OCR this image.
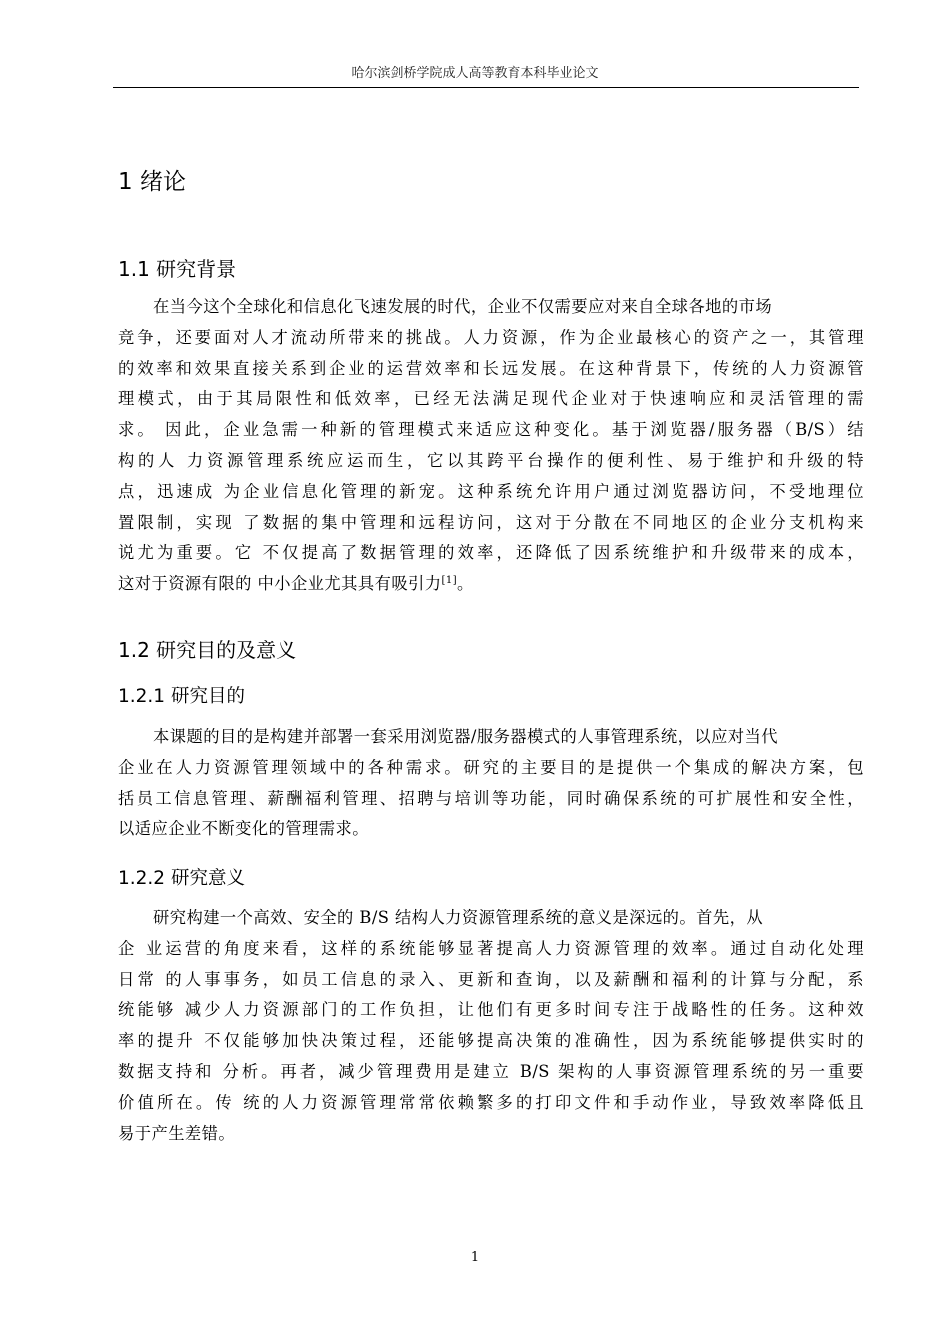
哈尔滨剑桥学院成人高等教育本科毕业论文
1 绪论
1.1 研究背景
在当今这个全球化和信息化飞速发展的时代，企业不仅需要应对来自全球各地的市场
竞争，还要面对人才流动所带来的挑战。人力资源，作为企业最核心的资产之一，其管理
的效率和效果直接关系到企业的运营效率和长远发展。在这种背景下，传统的人力资源管
理模式，由于其局限性和低效率，已经无法满足现代企业对于快速响应和灵活管理的需
求。 因此，企业急需一种新的管理模式来适应这种变化。基于浏览器/服务器（B/S）结
构的人 力资源管理系统应运而生，它以其跨平台操作的便利性、易于维护和升级的特
点，迅速成 为企业信息化管理的新宠。这种系统允许用户通过浏览器访问，不受地理位
置限制，实现 了数据的集中管理和远程访问，这对于分散在不同地区的企业分支机构来
说尤为重要。它 不仅提高了数据管理的效率，还降低了因系统维护和升级带来的成本，
这对于资源有限的 中小企业尤其具有吸引力[1]。
1.2 研究目的及意义
1.2.1 研究目的
本课题的目的是构建并部署一套采用浏览器/服务器模式的人事管理系统，以应对当代
企业在人力资源管理领域中的各种需求。研究的主要目的是提供一个集成的解决方案，包
括员工信息管理、薪酬福利管理、招聘与培训等功能，同时确保系统的可扩展性和安全性，
以适应企业不断变化的管理需求。
1.2.2 研究意义
研究构建一个高效、安全的 B/S 结构人力资源管理系统的意义是深远的。首先，从
企 业运营的角度来看，这样的系统能够显著提高人力资源管理的效率。通过自动化处理
日常 的人事事务，如员工信息的录入、更新和查询，以及薪酬和福利的计算与分配，系
统能够 减少人力资源部门的工作负担，让他们有更多时间专注于战略性的任务。这种效
率的提升 不仅能够加快决策过程，还能够提高决策的准确性，因为系统能够提供实时的
数据支持和 分析。再者，减少管理费用是建立 B/S 架构的人事资源管理系统的另一重要
价值所在。传 统的人力资源管理常常依赖繁多的打印文件和手动作业，导致效率降低且
易于产生差错。
1
